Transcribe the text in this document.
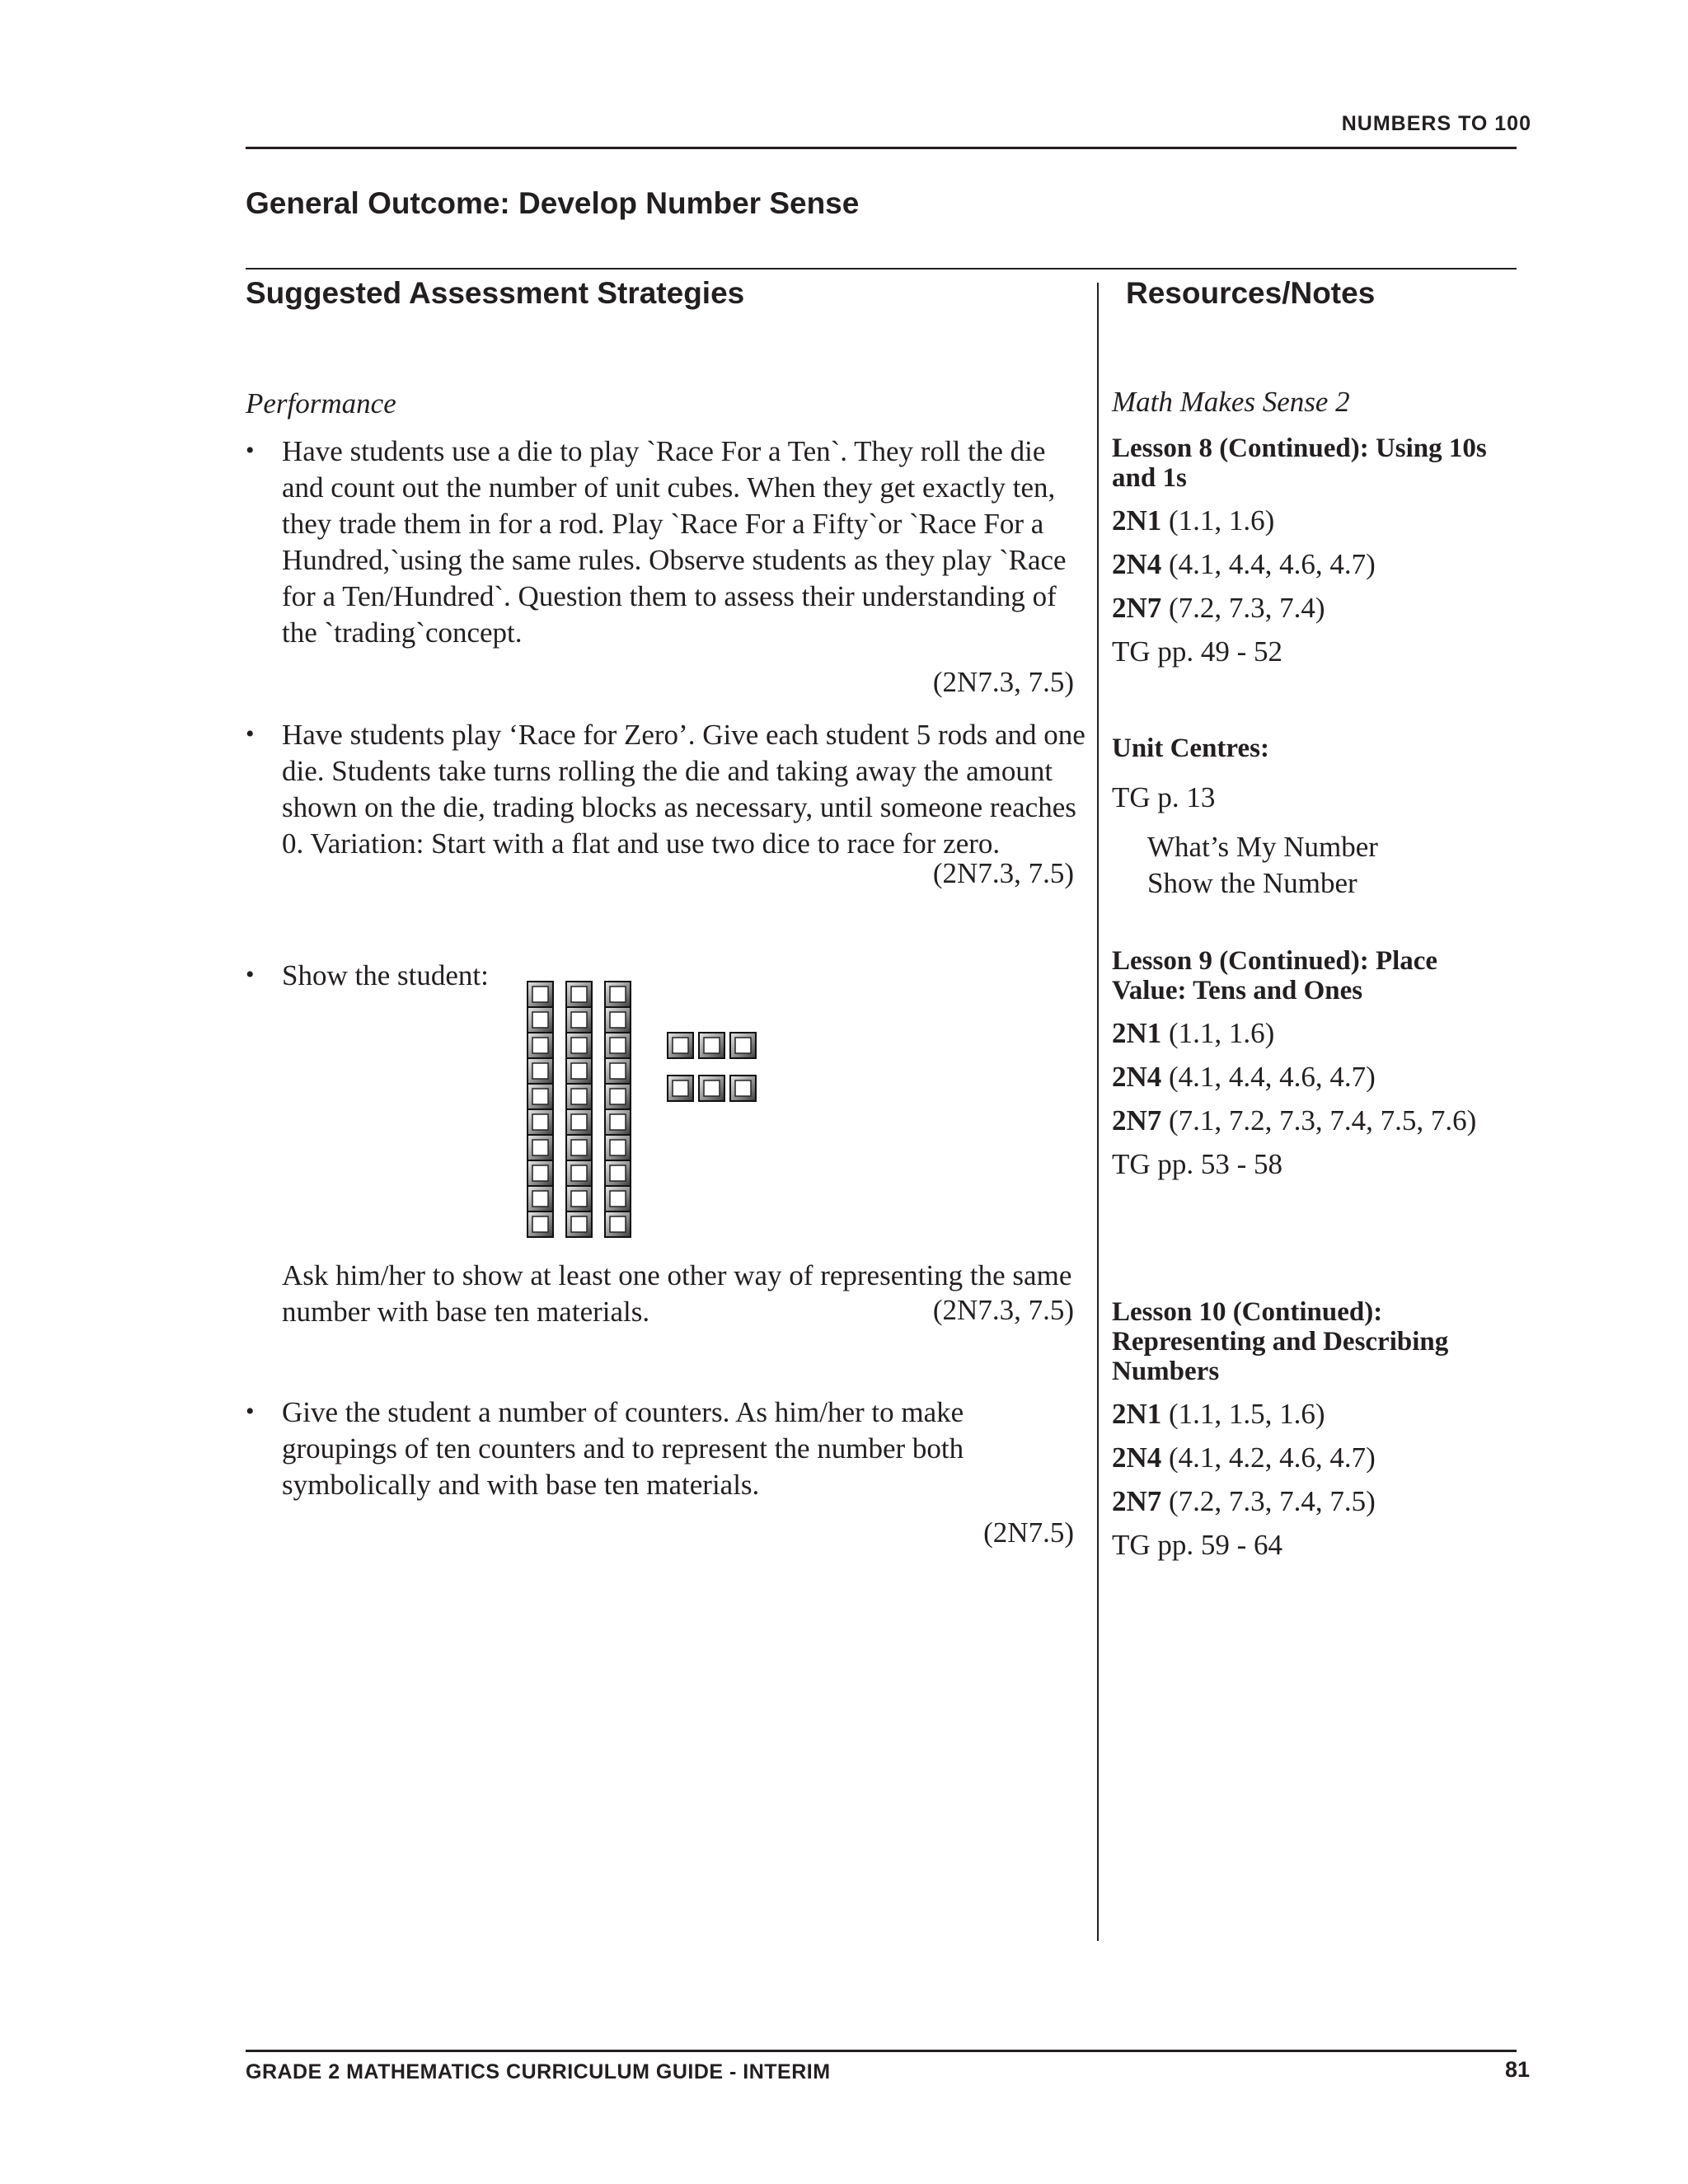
NUMBERS TO 100
General Outcome: Develop Number Sense
Suggested Assessment Strategies	Resources/Notes
Performance
• Have students use a die to play `Race For a Ten`. They roll the die
and count out the number of unit cubes. When they get exactly ten,
they trade them in for a rod. Play `Race For a Fifty`or `Race For a
Hundred,`using the same rules. Observe students as they play `Race
for a Ten/Hundred`. Question them to assess their understanding of
the `trading`concept.
(2N7.3, 7.5)
• Have students play ‘Race for Zero’. Give each student 5 rods and one
die. Students take turns rolling the die and taking away the amount
shown on the die, trading blocks as necessary, until someone reaches
0. Variation: Start with a flat and use two dice to race for zero.
(2N7.3, 7.5)
• Show the student:
Ask him/her to show at least one other way of representing the same
number with base ten materials.	(2N7.3, 7.5)
• Give the student a number of counters. As him/her to make
groupings of ten counters and to represent the number both
symbolically and with base ten materials.
(2N7.5)
Math Makes Sense 2
Lesson 8 (Continued): Using 10s
and 1s
2N1 (1.1, 1.6)
2N4 (4.1, 4.4, 4.6, 4.7)
2N7 (7.2, 7.3, 7.4)
TG pp. 49 - 52
Unit Centres:
TG p. 13
What’s My Number
Show the Number
Lesson 9 (Continued): Place
Value: Tens and Ones
2N1 (1.1, 1.6)
2N4 (4.1, 4.4, 4.6, 4.7)
2N7 (7.1, 7.2, 7.3, 7.4, 7.5, 7.6)
TG pp. 53 - 58
Lesson 10 (Continued):
Representing and Describing
Numbers
2N1 (1.1, 1.5, 1.6)
2N4 (4.1, 4.2, 4.6, 4.7)
2N7 (7.2, 7.3, 7.4, 7.5)
TG pp. 59 - 64
GRADE 2 MATHEMATICS CURRICULUM GUIDE - INTERIM	81
